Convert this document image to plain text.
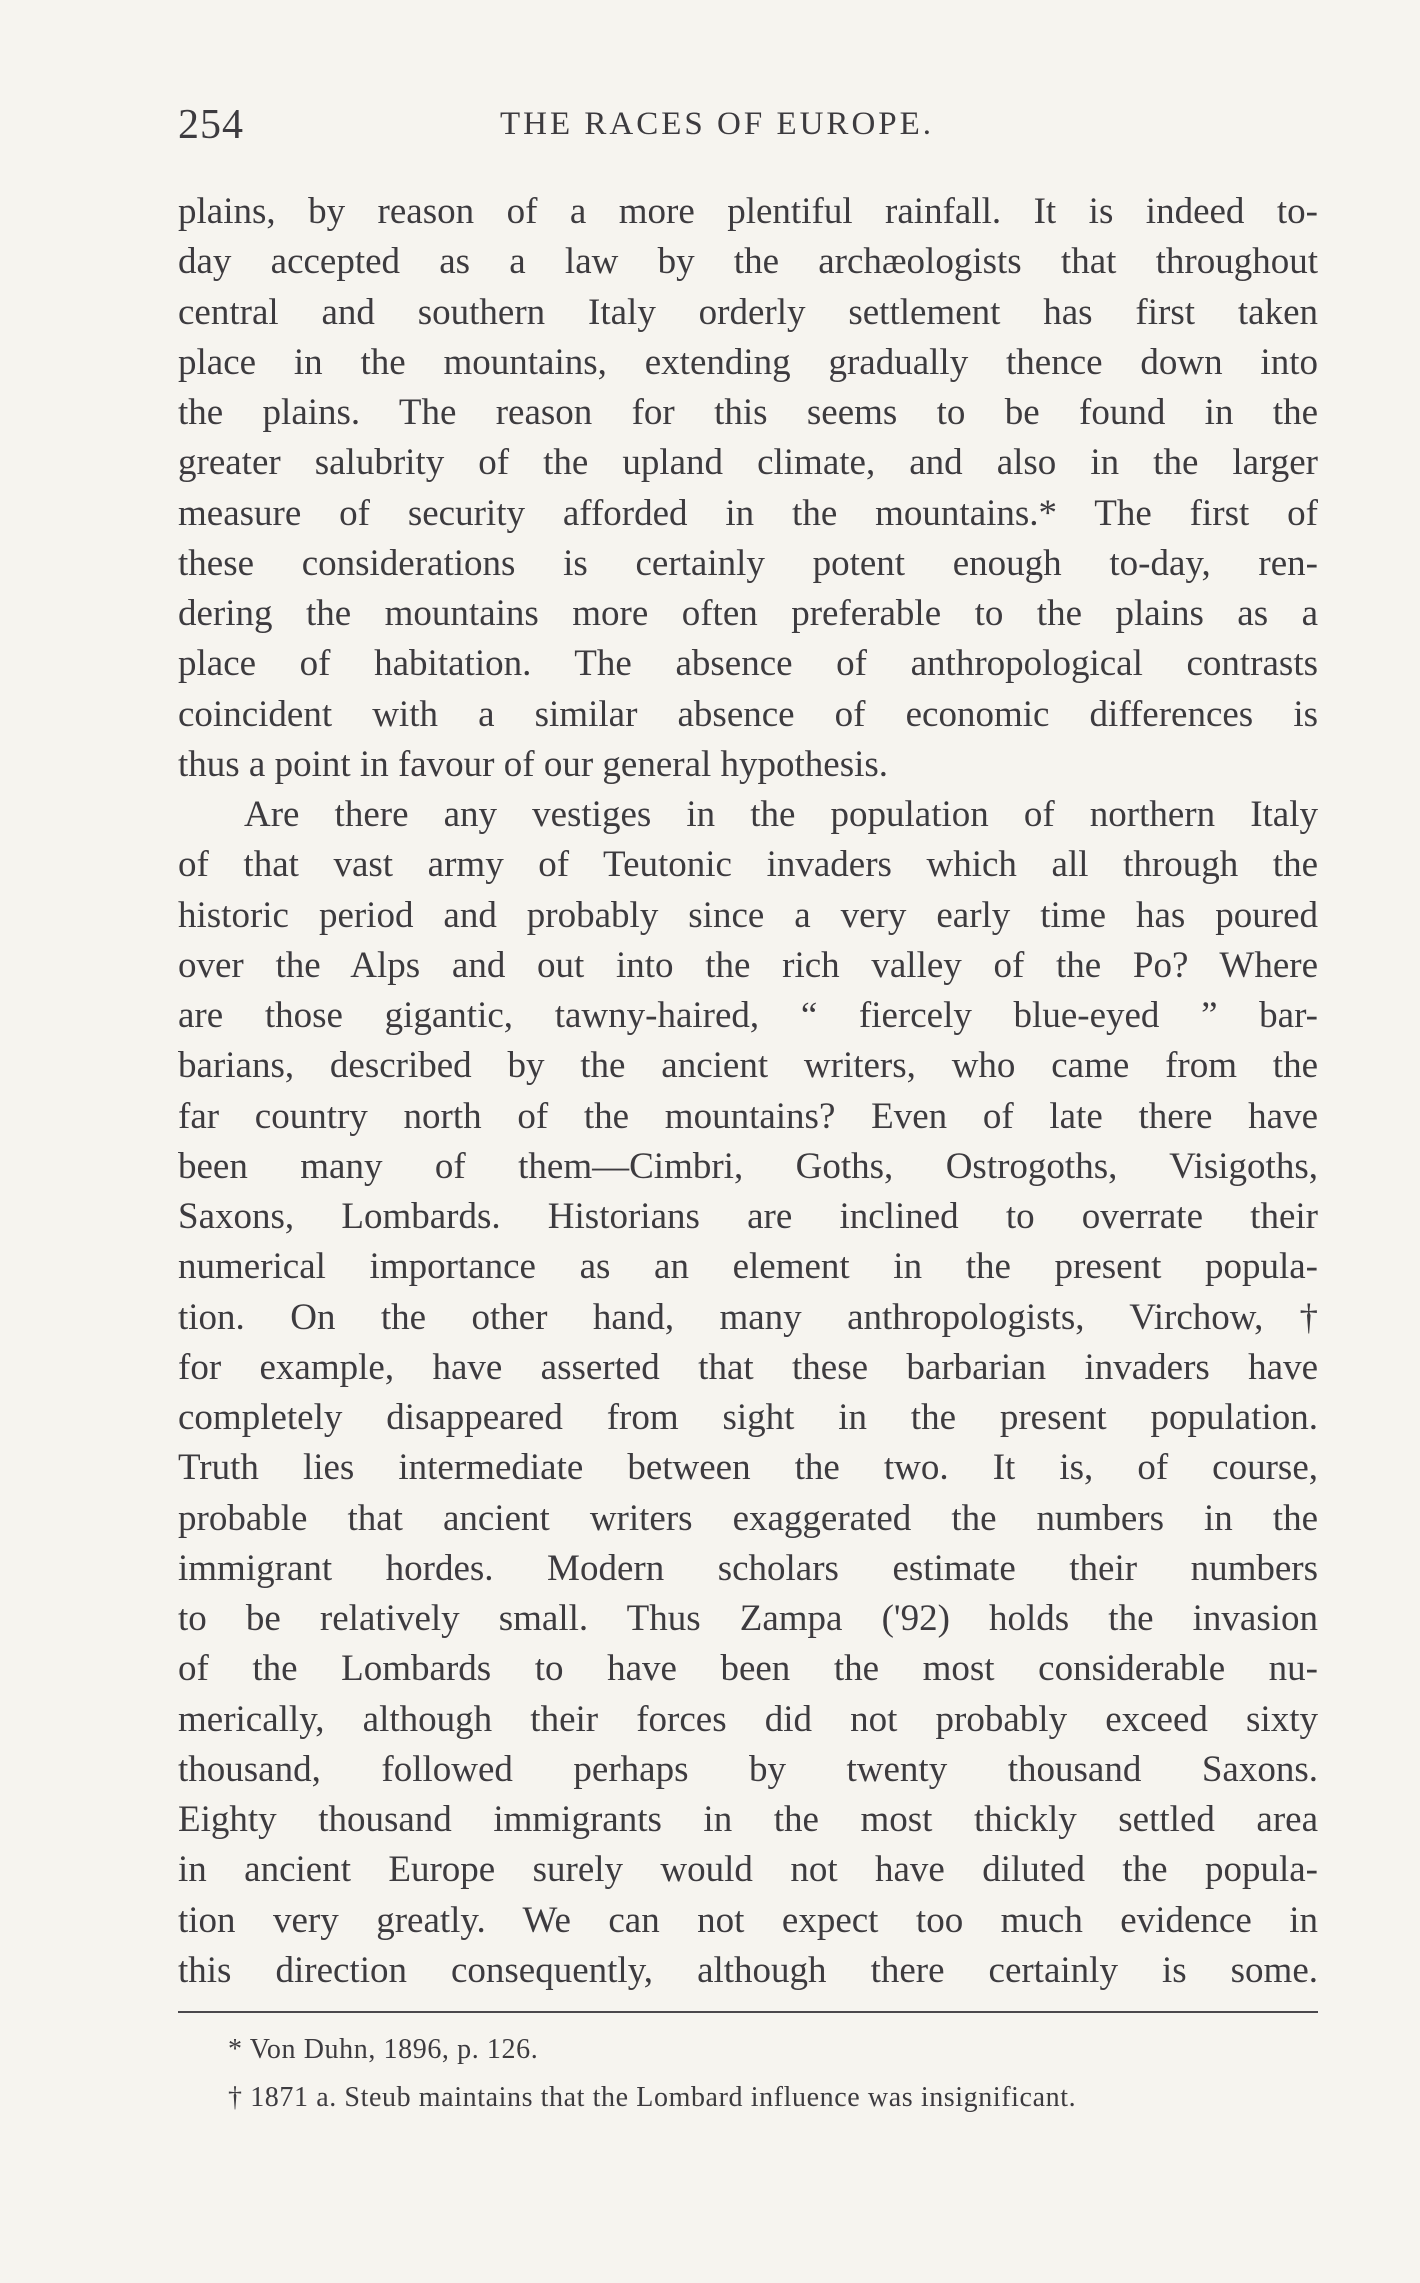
254	THE RACES OF EUROPE.
plains, by reason of a more plentiful rainfall. It is indeed to-
day accepted as a law by the archæologists that throughout
central and southern Italy orderly settlement has first taken
place in the mountains, extending gradually thence down into
the plains. The reason for this seems to be found in the
greater salubrity of the upland climate, and also in the larger
measure of security afforded in the mountains.* The first of
these considerations is certainly potent enough to-day, ren-
dering the mountains more often preferable to the plains as a
place of habitation. The absence of anthropological contrasts
coincident with a similar absence of economic differences is
thus a point in favour of our general hypothesis.
Are there any vestiges in the population of northern Italy
of that vast army of Teutonic invaders which all through the
historic period and probably since a very early time has poured
over the Alps and out into the rich valley of the Po? Where
are those gigantic, tawny-haired, “ fiercely blue-eyed ” bar-
barians, described by the ancient writers, who came from the
far country north of the mountains? Even of late there have
been many of them—Cimbri, Goths, Ostrogoths, Visigoths,
Saxons, Lombards. Historians are inclined to overrate their
numerical importance as an element in the present popula-
tion. On the other hand, many anthropologists, Virchow,†
for example, have asserted that these barbarian invaders have
completely disappeared from sight in the present population.
Truth lies intermediate between the two. It is, of course,
probable that ancient writers exaggerated the numbers in the
immigrant hordes. Modern scholars estimate their numbers
to be relatively small. Thus Zampa ('92) holds the invasion
of the Lombards to have been the most considerable nu-
merically, although their forces did not probably exceed sixty
thousand, followed perhaps by twenty thousand Saxons.
Eighty thousand immigrants in the most thickly settled area
in ancient Europe surely would not have diluted the popula-
tion very greatly. We can not expect too much evidence in
this direction consequently, although there certainly is some.
* Von Duhn, 1896, p. 126.
† 1871 a. Steub maintains that the Lombard influence was insignificant.
